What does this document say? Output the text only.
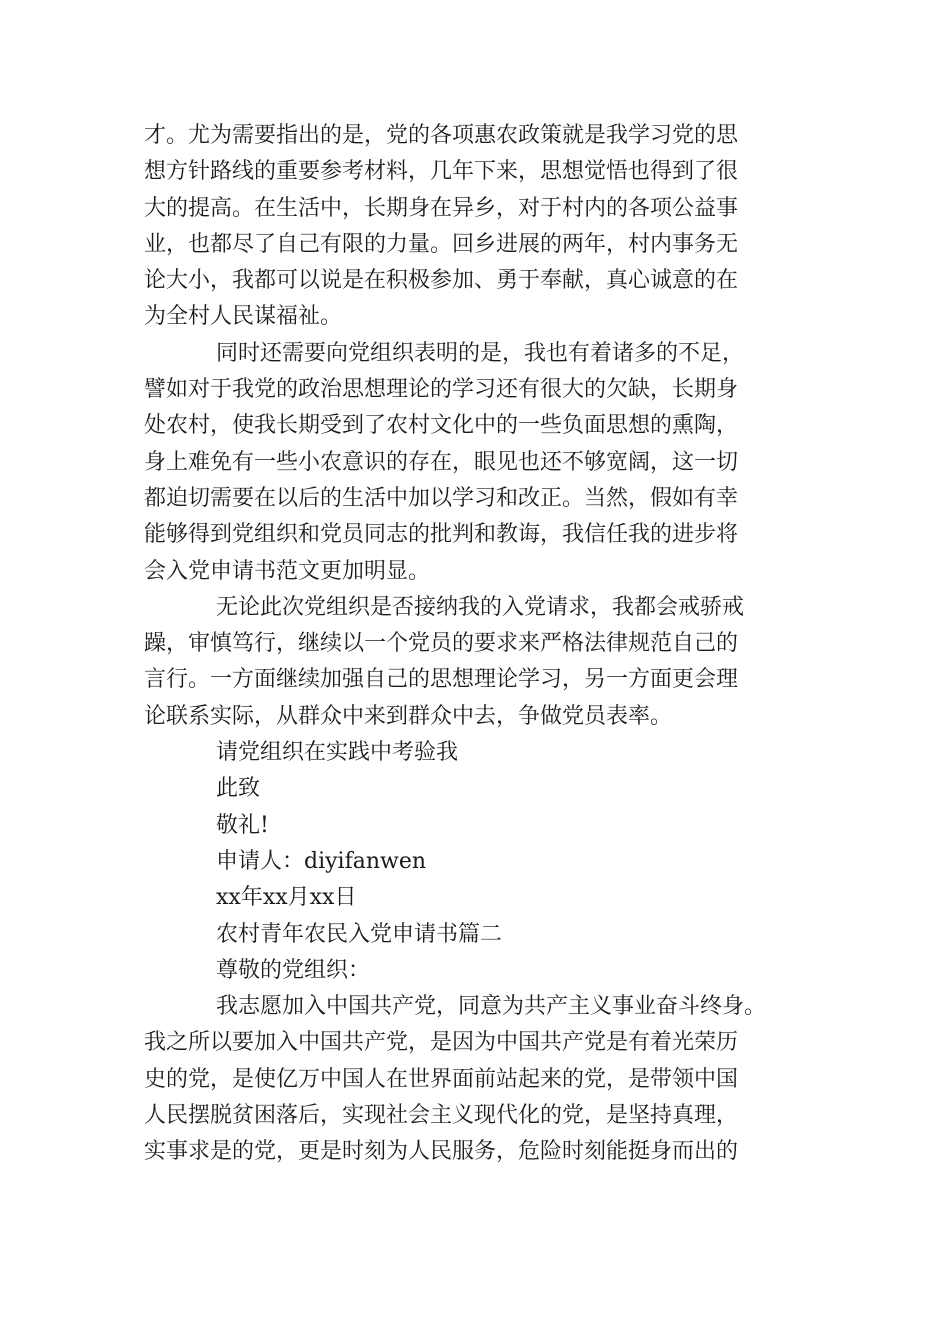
才。尤为需要指出的是，党的各项惠农政策就是我学习党的思
想方针路线的重要参考材料，几年下来，思想觉悟也得到了很
大的提高。在生活中，长期身在异乡，对于村内的各项公益事
业，也都尽了自己有限的力量。回乡进展的两年，村内事务无
论大小，我都可以说是在积极参加、勇于奉献，真心诚意的在
为全村人民谋福祉。
同时还需要向党组织表明的是，我也有着诸多的不足，
譬如对于我党的政治思想理论的学习还有很大的欠缺，长期身
处农村，使我长期受到了农村文化中的一些负面思想的熏陶，
身上难免有一些小农意识的存在，眼见也还不够宽阔，这一切
都迫切需要在以后的生活中加以学习和改正。当然，假如有幸
能够得到党组织和党员同志的批判和教诲，我信任我的进步将
会入党申请书范文更加明显。
无论此次党组织是否接纳我的入党请求，我都会戒骄戒
躁，审慎笃行，继续以一个党员的要求来严格法律规范自己的
言行。一方面继续加强自己的思想理论学习，另一方面更会理
论联系实际，从群众中来到群众中去，争做党员表率。
请党组织在实践中考验我
此致
敬礼!
申请人：diyifanwen
xx年xx月xx日
农村青年农民入党申请书篇二
尊敬的党组织：
我志愿加入中国共产党，同意为共产主义事业奋斗终身。
我之所以要加入中国共产党，是因为中国共产党是有着光荣历
史的党，是使亿万中国人在世界面前站起来的党，是带领中国
人民摆脱贫困落后，实现社会主义现代化的党，是坚持真理，
实事求是的党，更是时刻为人民服务，危险时刻能挺身而出的
